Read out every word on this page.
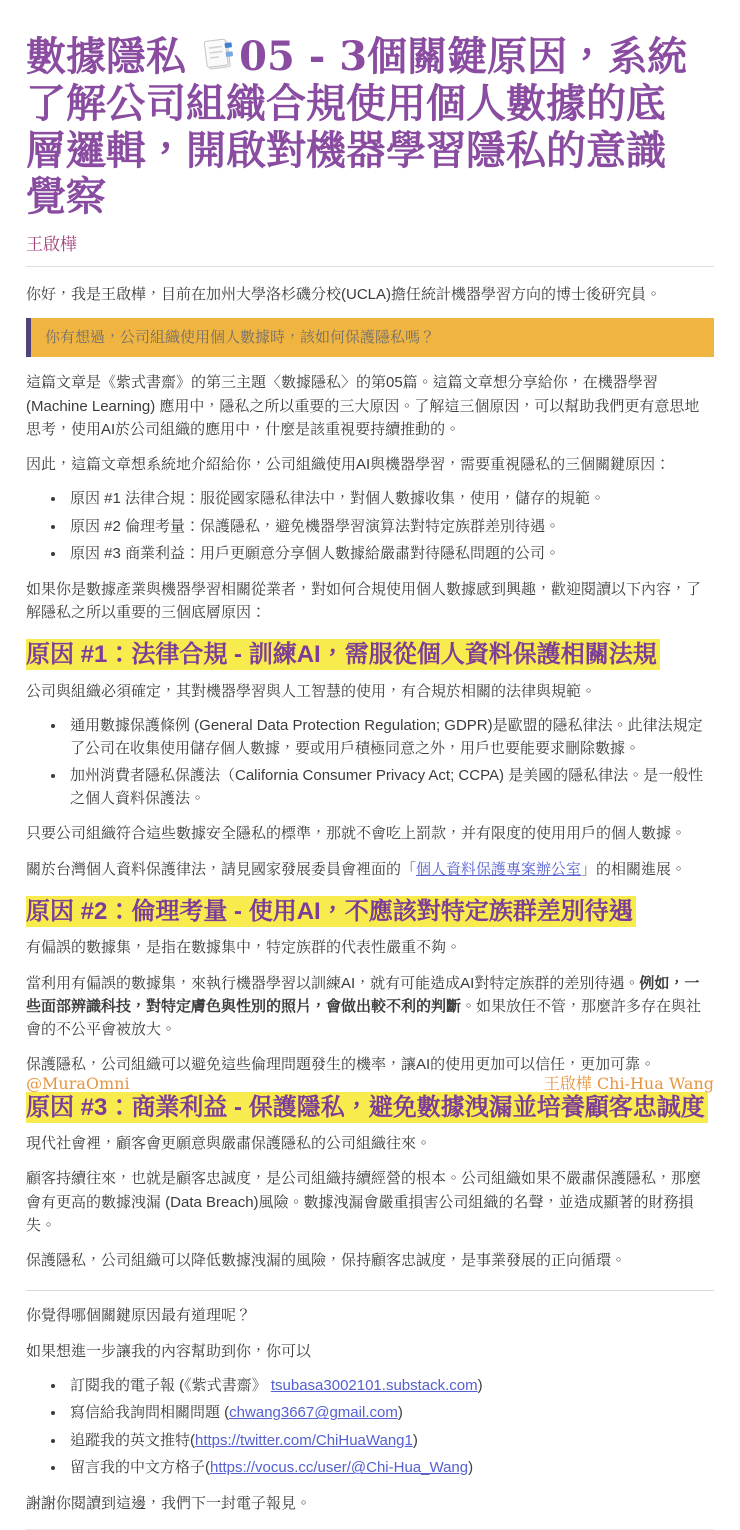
數據隱私 05 - 3個關鍵原因，系統了解公司組織合規使用個人數據的底層邏輯，開啟對機器學習隱私的意識覺察
王啟樺

你好，我是王啟樺，目前在加州大學洛杉磯分校(UCLA)擔任統計機器學習方向的博士後研究員。

你有想過，公司組織使用個人數據時，該如何保護隱私嗎？

這篇文章是《紫式書齋》的第三主題〈數據隱私〉的第05篇。這篇文章想分享給你，在機器學習 (Machine Learning) 應用中，隱私之所以重要的三大原因。了解這三個原因，可以幫助我們更有意思地思考，使用AI於公司組織的應用中，什麼是該重視要持續推動的。

因此，這篇文章想系統地介紹給你，公司組織使用AI與機器學習，需要重視隱私的三個關鍵原因：

• 原因 #1 法律合規：服從國家隱私律法中，對個人數據收集，使用，儲存的規範。
• 原因 #2 倫理考量：保護隱私，避免機器學習演算法對特定族群差別待遇。
• 原因 #3 商業利益：用戶更願意分享個人數據給嚴肅對待隱私問題的公司。

如果你是數據產業與機器學習相關從業者，對如何合規使用個人數據感到興趣，歡迎閱讀以下內容，了解隱私之所以重要的三個底層原因：

原因 #1：法律合規 - 訓練AI，需服從個人資料保護相關法規

公司與組織必須確定，其對機器學習與人工智慧的使用，有合規於相關的法律與規範。

• 通用數據保護條例 (General Data Protection Regulation; GDPR)是歐盟的隱私律法。此律法規定了公司在收集使用儲存個人數據，要或用戶積極同意之外，用戶也要能要求刪除數據。
• 加州消費者隱私保護法（California Consumer Privacy Act; CCPA) 是美國的隱私律法。是一般性之個人資料保護法。

只要公司組織符合這些數據安全隱私的標準，那就不會吃上罰款，并有限度的使用用戶的個人數據。

關於台灣個人資料保護律法，請見國家發展委員會裡面的「個人資料保護專案辦公室」的相關進展。

原因 #2：倫理考量 - 使用AI，不應該對特定族群差別待遇

有偏誤的數據集，是指在數據集中，特定族群的代表性嚴重不夠。

當利用有偏誤的數據集，來執行機器學習以訓練AI，就有可能造成AI對特定族群的差別待遇。例如，一些面部辨識科技，對特定膚色與性別的照片，會做出較不利的判斷。如果放任不管，那麼許多存在與社會的不公平會被放大。

保護隱私，公司組織可以避免這些倫理問題發生的機率，讓AI的使用更加可以信任，更加可靠。

原因 #3：商業利益 - 保護隱私，避免數據洩漏並培養顧客忠誠度

現代社會裡，顧客會更願意與嚴肅保護隱私的公司組織往來。

顧客持續往來，也就是顧客忠誠度，是公司組織持續經營的根本。公司組織如果不嚴肅保護隱私，那麼會有更高的數據洩漏 (Data Breach)風險。數據洩漏會嚴重損害公司組織的名聲，並造成顯著的財務損失。

保護隱私，公司組織可以降低數據洩漏的風險，保持顧客忠誠度，是事業發展的正向循環。

你覺得哪個關鍵原因最有道理呢？

如果想進一步讓我的內容幫助到你，你可以

• 訂閱我的電子報 (《紫式書齋》 tsubasa3002101.substack.com)
• 寫信給我詢問相關問題 (chwang3667@gmail.com)
• 追蹤我的英文推特(https://twitter.com/ChiHuaWang1)
• 留言我的中文方格子(https://vocus.cc/user/@Chi-Hua_Wang)

謝謝你閱讀到這邊，我們下一封電子報見。

@MuraOmni	王啟樺 Chi-Hua Wang
